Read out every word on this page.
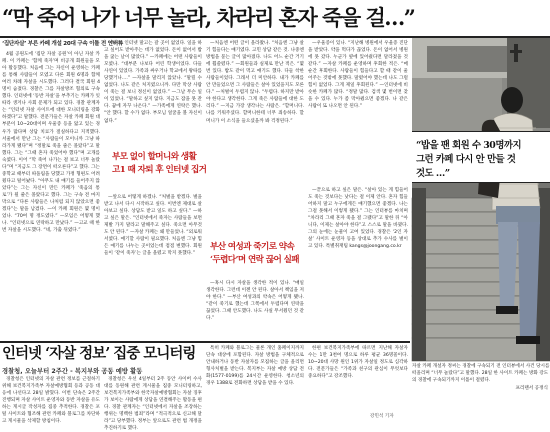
“막 죽어 나가 너무 놀라, 차라리 혼자 죽을 걸…”
‘집단자살’ 부른 카페 개설 20대 구속 이틀 전 인터뷰

4월 공원도에 ‘집단 자살 공원’이 아닌 자살 카페. 이 카페는 ‘함께 죽자’며 비공개 회원들을 모아 활동했다. 처음에 그는 자신이 운영하는 카페를 통해 사람들이 모였고 다른 회원 6명과 함께 여러 차례 자살을 시도했다. 그러다 결국 회원 4명이 숨졌다. 경찰은 그를 자살방조 혐의로 구속했다. 인터넷에 ‘동반 자살’을 부추기는 카페가 잇따라 생겨나 사회 문제가 되고 있다. 경찰 관계자는 “인터넷 자살 사이트에 대한 모니터링을 강화하겠다”고 말했다. 전문가들은 자살 카페 회원 대부분이 10~20대이며 우울증 등을 앓고 있는 경우가 많다며 상담 치료가 절실하다고 지적했다. 서울에서 만난 그는 “사람들이 모이니까 그냥 따라가게 됐다”며 “정말로 죽을 줄은 몰랐다”고 말했다. 그는 “그때 혼자 죽었어야 했다”며 고개를 숙였다. 이어 “막 죽어 나가는 걸 보고 너무 놀랐다”며 “지금도 그 장면이 떠오른다”고 했다. 그는 중학교 때부터 따돌림을 당했고 가정 형편도 어려웠다고 털어놨다. “아무도 내 얘기를 들어주지 않았다”는 그는 자신이 만든 카페가 ‘죽음의 통로’가 될 줄은 몰랐다고 했다. 그는 구속 전 마지막으로 “다른 사람들은 나처럼 되지 않았으면 좋겠다”는 말을 남겼다. —이 카페 회원은 몇 명이었나. “70여 명 정도였다.” —모임은 어떻게 했나. “인터넷으로 연락하고 만났다.” —고교 때 한 번 자살을 시도했다. “네, 가출 뒤였다.”

“(당시) 인터넷 말고는 갈 곳이 없었다. 일을 하고 싶어도 받아주는 데가 없었다. 돈이 없어서 밥을 굶는 날이 많았다.” —카페에는 어떤 사람들이 모였나. “대부분 나보다 어린 학생이었다. 다들 사연이 있었다. 가족과 싸우거나 학교에서 왕따를 당했거나….” —자살을 말리지 않았나. “말릴 수 없었다. 나도 같은 처지였으니까. 다만 막상 사람이 죽는 걸 보니 정신이 없었다.” —그날 무슨 일이 있었나. “말하고 싶지 않다. 지금도 잠을 못 잔다. 꿈에 자꾸 나온다.” —가족에게 연락은 했나. “안 했다. 할 수가 없다. 부모님 얼굴을 볼 자신이 없다.”

—앞으로 어떻게 하겠나. “처벌을 받겠다. 벌을 받고 나서 다시 시작하고 싶다. 이번엔 제대로 살아보고 싶다. 상담도 받고 일도 하고 싶다.” —하고 싶은 말은. “인터넷에서 죽자는 사람들을 보면 제발 가지 말라고 말해주고 싶다. 죽으면 아무것도 안 된다.” —자살 카페는 왜 만들었나. “외로워서였다. 얘기할 사람이 필요했다. 처음엔 그냥 힘든 얘기를 나누는 곳이었는데 점점 변했다. 회원들이 ‘같이 죽자’는 글을 올렸고 막지 못했다.”

부모 없이 할머니와 생활
고1 때 자퇴 후 인터넷 집거

—처음엔 어떤 글이 올라왔나. “처음엔 그냥 살기 힘들다는 얘기였다. 고민 상담 같은 것. 나중엔 방법을 묻는 글이 많아졌다. 나도 어느 순간 거기에 휩쓸렸다.” —회원들과 실제로 만난 적은. “몇 번 있다. 밥도 같이 먹고 얘기도 했다. 다들 착한 사람들이었다. 그래서 더 미안하다. 내가 카페를 안 만들었으면 그 사람들은 살아 있었을지도 모른다.” —처벌이 두렵지 않나. “두렵다. 하지만 받아야 한다고 생각한다. 그게 죽은 사람들에 대한 도리다.” —지금 가장 생각나는 사람은. “할머니다. 나를 키워주셨다. 할머니한테 너무 죄송하다. 할머니가 이 소식을 들으셨을까 봐 걱정된다.”

—혹시 다시 자살을 생각한 적이 있나. “매일 생각한다. 그런데 이젠 안 된다. 살아서 책임을 져야 한다.” —부산 여성과의 약속은 어떻게 됐나. “같이 죽기로 했는데 그쪽에서 두렵다며 연락을 끊었다. 그때 안도했다. 나도 사실 무서웠던 것 같다.”

부산 여성과 죽기로 약속
‘두렵다’며 연락 끊어 실패

—우울증이 있나. “지난해 병원에서 우울증 진단을 받았다. 약을 먹다가 끊었다. 돈이 없어서 병원에 못 갔다. 누군가 옆에 있어줬다면 달라졌을 것 같다.” —자살 카페를 운영하며 후회한 적은. “매 순간 후회한다. 사람들이 힘들다고 할 때 같이 울어주는 것밖에 못했다. 말렸어야 했는데 나도 그럴 힘이 없었다. 그게 제일 후회된다.” —인터넷에 비슷한 카페가 많다. “정말 많다. 검색 몇 번이면 찾을 수 있다. 누가 좀 막아줬으면 좋겠다. 나 같은 사람이 또 나오면 안 된다.”

—끝으로 하고 싶은 말은. “살아 있는 게 힘들어도 죽는 것보다는 낫다는 걸 이제 안다. 혼자 힘들어하지 말고 누구에게든 얘기했으면 좋겠다. 나는 그걸 못해서 이렇게 됐다.” 그는 인터뷰를 마치며 “차라리 그때 혼자 죽을 걸 그랬다”고 말한 뒤 “아니다, 이제는 살아야 한다”고 스스로 말을 바꿨다. 그의 눈에는 눈물이 고여 있었다. 경찰은 ‘2인 자살’ 사이트 운영자 등을 상대로 추가 수사를 벌이고 있다. 특별취재팀 kangs@joongang.co.kr

“밥을 팬 회원 수 30명까지
그런 카페 다시 안 만들 것
것도 …”
자살 카페 개설자 정씨는 경찰에 구속되기 전 인터뷰에서 사건 당시를 떠올리며 “너무 놀랐다”고 말했다. 28일 한 사이트 카페는 방화 강도의 경찰에 구속되기까지 이틀이 걸렸다.
프리랜서 공정식
인터넷 ‘자살 정보’ 집중 모니터링
경찰청, 오늘부터 2주간 - 복지부와 공동 예방 활동

경찰청은 인터넷의 자살 관련 정보를 근절하기 위해 보건복지가족부 자살예방협회 등과 공동 대응에 나선다고 28일 밝혔다. 이번 단속은 2주간 진행되며 자살 사이트 운영자와 동반 자살을 유도하는 게시글 작성자를 집중 추적한다. 경찰은 포털 사이트와 협조해 관련 카페와 블로그를 차단하고 게시물을 삭제할 방침이다.

경찰청은 우선 4일부터 2주 동안 사이버 수사대를 동원해 관련 게시물을 집중 모니터링하고, 보건복지가족부와 한국자살예방협회는 자살 징후가 보이는 사람에게 상담을 연결해주는 활동을 편다. 경찰 관계자는 “인터넷에서 자살을 조장하는 행위는 명백한 범죄”라며 “적극적으로 신고해 달라”고 당부했다. 정부는 앞으로도 관련 법 개정을 추진하기로 했다.

특히 카페와 블로그는 물론 개인 홈페이지까지 단속 대상에 포함된다. 자살 방법을 구체적으로 안내하거나 동반 자살자를 모집하는 글을 올리면 형사처벌을 받는다. 복지부는 자살 예방 상담 전화(1577-0199)를 24시간 운영한다. 청소년의 경우 1388로 전화하면 상담을 받을 수 있다.

한편 보건복지가족부에 따르면 지난해 자살자 수는 1만 3천여 명으로 하루 평균 36명꼴이다. 10~20대 사망 원인 1위가 자살일 정도로 심각하다. 전문가들은 “가족과 친구의 관심이 무엇보다 중요하다”고 강조했다.

강민석 기자
